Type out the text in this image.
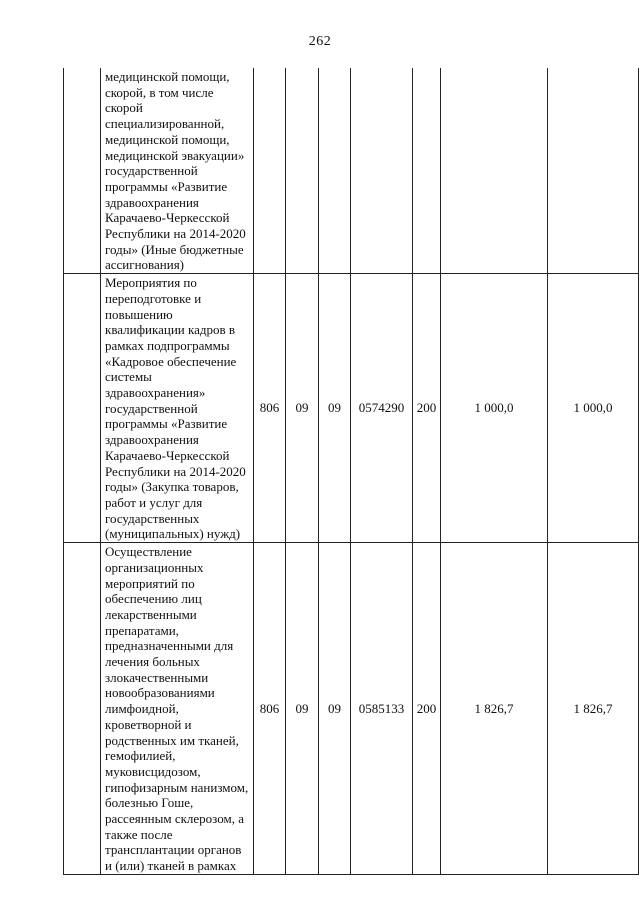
262
	медицинской помощи, скорой, в том числе скорой специализированной, медицинской помощи, медицинской эвакуации» государственной программы «Развитие здравоохранения Карачаево-Черкесской Республики на 2014-2020 годы» (Иные бюджетные ассигнования)							
	Мероприятия по переподготовке и повышению квалификации кадров в рамках подпрограммы «Кадровое обеспечение системы здравоохранения» государственной программы «Развитие здравоохранения Карачаево-Черкесской Республики на 2014-2020 годы» (Закупка товаров, работ и услуг для государственных (муниципальных) нужд)	806	09	09	0574290	200	1 000,0	1 000,0
	Осуществление организационных мероприятий по обеспечению лиц лекарственными препаратами, предназначенными для лечения больных злокачественными новообразованиями лимфоидной, кроветворной и родственных им тканей, гемофилией, муковисцидозом, гипофизарным нанизмом, болезнью Гоше, рассеянным склерозом, а также после трансплантации органов и (или) тканей в рамках	806	09	09	0585133	200	1 826,7	1 826,7
